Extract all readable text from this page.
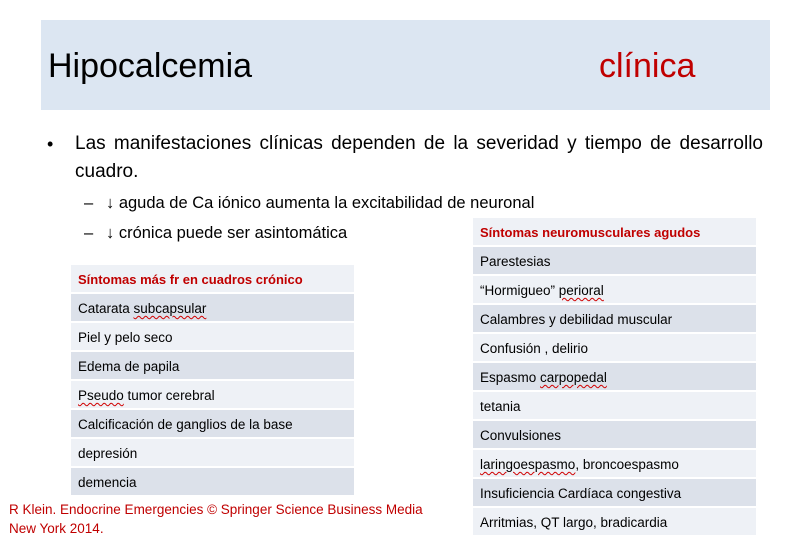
Hipocalcemia	clínica
• Las manifestaciones clínicas dependen de la severidad y tiempo de desarrollo cuadro.
– ↓ aguda de Ca iónico aumenta la excitabilidad de neuronal
– ↓ crónica puede ser asintomática
Síntomas más fr en cuadros crónico
Catarata subcapsular
Piel y pelo seco
Edema de papila
Pseudo tumor cerebral
Calcificación de ganglios de la base
depresión
demencia
Síntomas neuromusculares agudos
Parestesias
“Hormigueo” perioral
Calambres y debilidad muscular
Confusión , delirio
Espasmo carpopedal
tetania
Convulsiones
laringoespasmo, broncoespasmo
Insuficiencia Cardíaca congestiva
Arritmias, QT largo, bradicardia
R Klein. Endocrine Emergencies © Springer Science Business Media
New York 2014.
